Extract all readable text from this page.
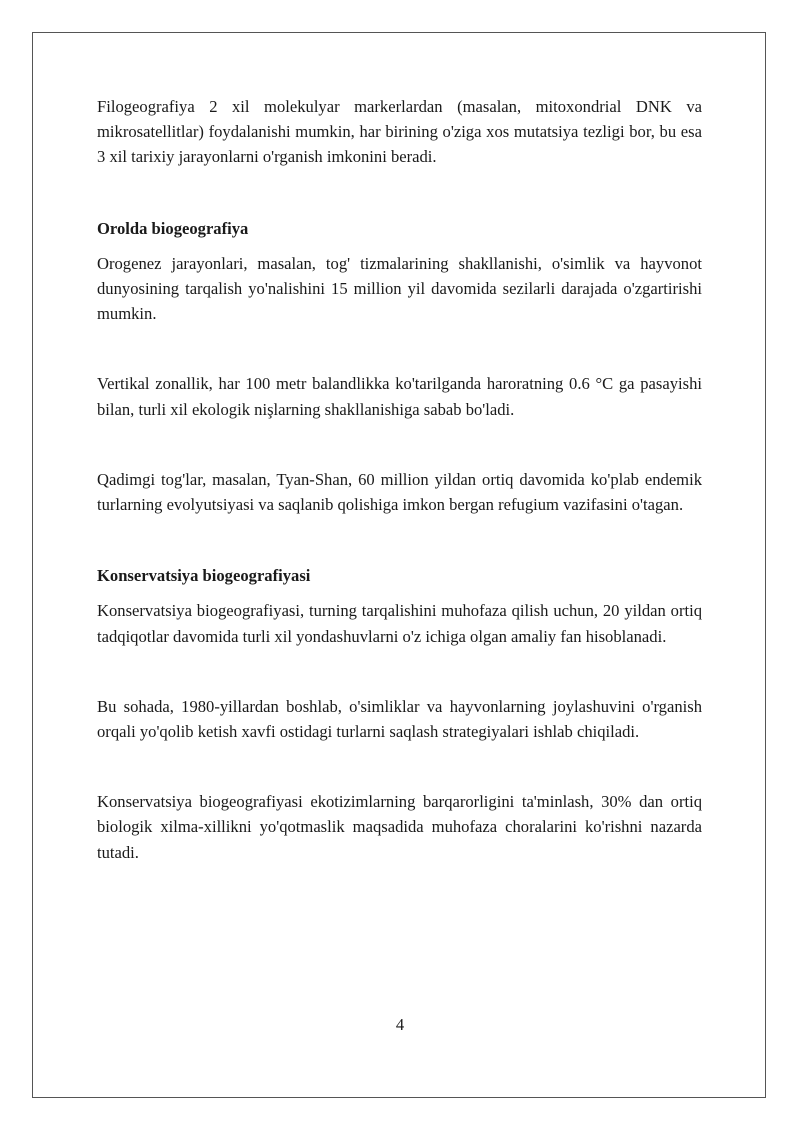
Filogeografiya 2 xil molekulyar markerlardan (masalan, mitoxondrial DNK va mikrosatellitlar) foydalanishi mumkin, har birining o'ziga xos mutatsiya tezligi bor, bu esa 3 xil tarixiy jarayonlarni o'rganish imkonini beradi.

Orolda biogeografiya

Orogenez jarayonlari, masalan, tog' tizmalarining shakllanishi, o'simlik va hayvonot dunyosining tarqalish yo'nalishini 15 million yil davomida sezilarli darajada o'zgartirishi mumkin.

Vertikal zonallik, har 100 metr balandlikka ko'tarilganda haroratning 0.6 °C ga pasayishi bilan, turli xil ekologik nişlarning shakllanishiga sabab bo'ladi.

Qadimgi tog'lar, masalan, Tyan-Shan, 60 million yildan ortiq davomida ko'plab endemik turlarning evolyutsiyasi va saqlanib qolishiga imkon bergan refugium vazifasini o'tagan.

Konservatsiya biogeografiyasi

Konservatsiya biogeografiyasi, turning tarqalishini muhofaza qilish uchun, 20 yildan ortiq tadqiqotlar davomida turli xil yondashuvlarni o'z ichiga olgan amaliy fan hisoblanadi.

Bu sohada, 1980-yillardan boshlab, o'simliklar va hayvonlarning joylashuvini o'rganish orqali yo'qolib ketish xavfi ostidagi turlarni saqlash strategiyalari ishlab chiqiladi.

Konservatsiya biogeografiyasi ekotizimlarning barqarorligini ta'minlash, 30% dan ortiq biologik xilma-xillikni yo'qotmaslik maqsadida muhofaza choralarini ko'rishni nazarda tutadi.

4
